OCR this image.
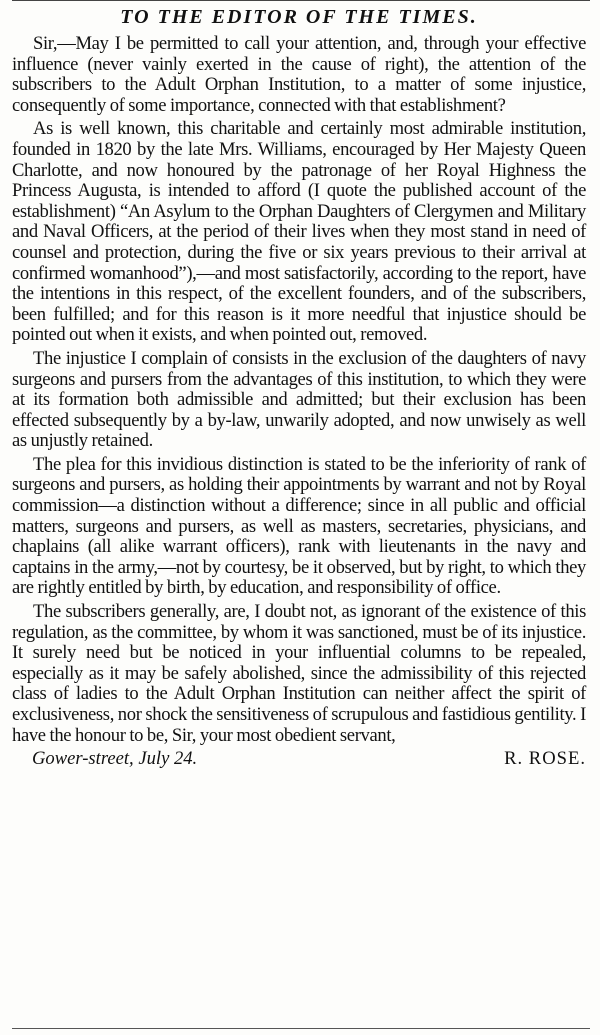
TO THE EDITOR OF THE TIMES.

Sir,—May I be permitted to call your attention, and, through your effective influence (never vainly exerted in the cause of right), the attention of the subscribers to the Adult Orphan Institution, to a matter of some injustice, consequently of some importance, connected with that establishment?

As is well known, this charitable and certainly most admirable institution, founded in 1820 by the late Mrs. Williams, encouraged by Her Majesty Queen Charlotte, and now honoured by the patronage of her Royal Highness the Princess Augusta, is intended to afford (I quote the published account of the establishment) “An Asylum to the Orphan Daughters of Clergymen and Military and Naval Officers, at the period of their lives when they most stand in need of counsel and protection, during the five or six years previous to their arrival at confirmed womanhood”),—and most satisfactorily, according to the report, have the intentions in this respect, of the excellent founders, and of the subscribers, been fulfilled; and for this reason is it more needful that injustice should be pointed out when it exists, and when pointed out, removed.

The injustice I complain of consists in the exclusion of the daughters of navy surgeons and pursers from the advantages of this institution, to which they were at its formation both admissible and admitted; but their exclusion has been effected subsequently by a by-law, unwarily adopted, and now unwisely as well as unjustly retained.

The plea for this invidious distinction is stated to be the inferiority of rank of surgeons and pursers, as holding their appointments by warrant and not by Royal commission—a distinction without a difference; since in all public and official matters, surgeons and pursers, as well as masters, secretaries, physicians, and chaplains (all alike warrant officers), rank with lieutenants in the navy and captains in the army,—not by courtesy, be it observed, but by right, to which they are rightly entitled by birth, by education, and responsibility of office.

The subscribers generally, are, I doubt not, as ignorant of the existence of this regulation, as the committee, by whom it was sanctioned, must be of its injustice. It surely need but be noticed in your influential columns to be repealed, especially as it may be safely abolished, since the admissibility of this rejected class of ladies to the Adult Orphan Institution can neither affect the spirit of exclusiveness, nor shock the sensitiveness of scrupulous and fastidious gentility. I have the honour to be, Sir, your most obedient servant,

Gower-street, July 24.	R. ROSE.
